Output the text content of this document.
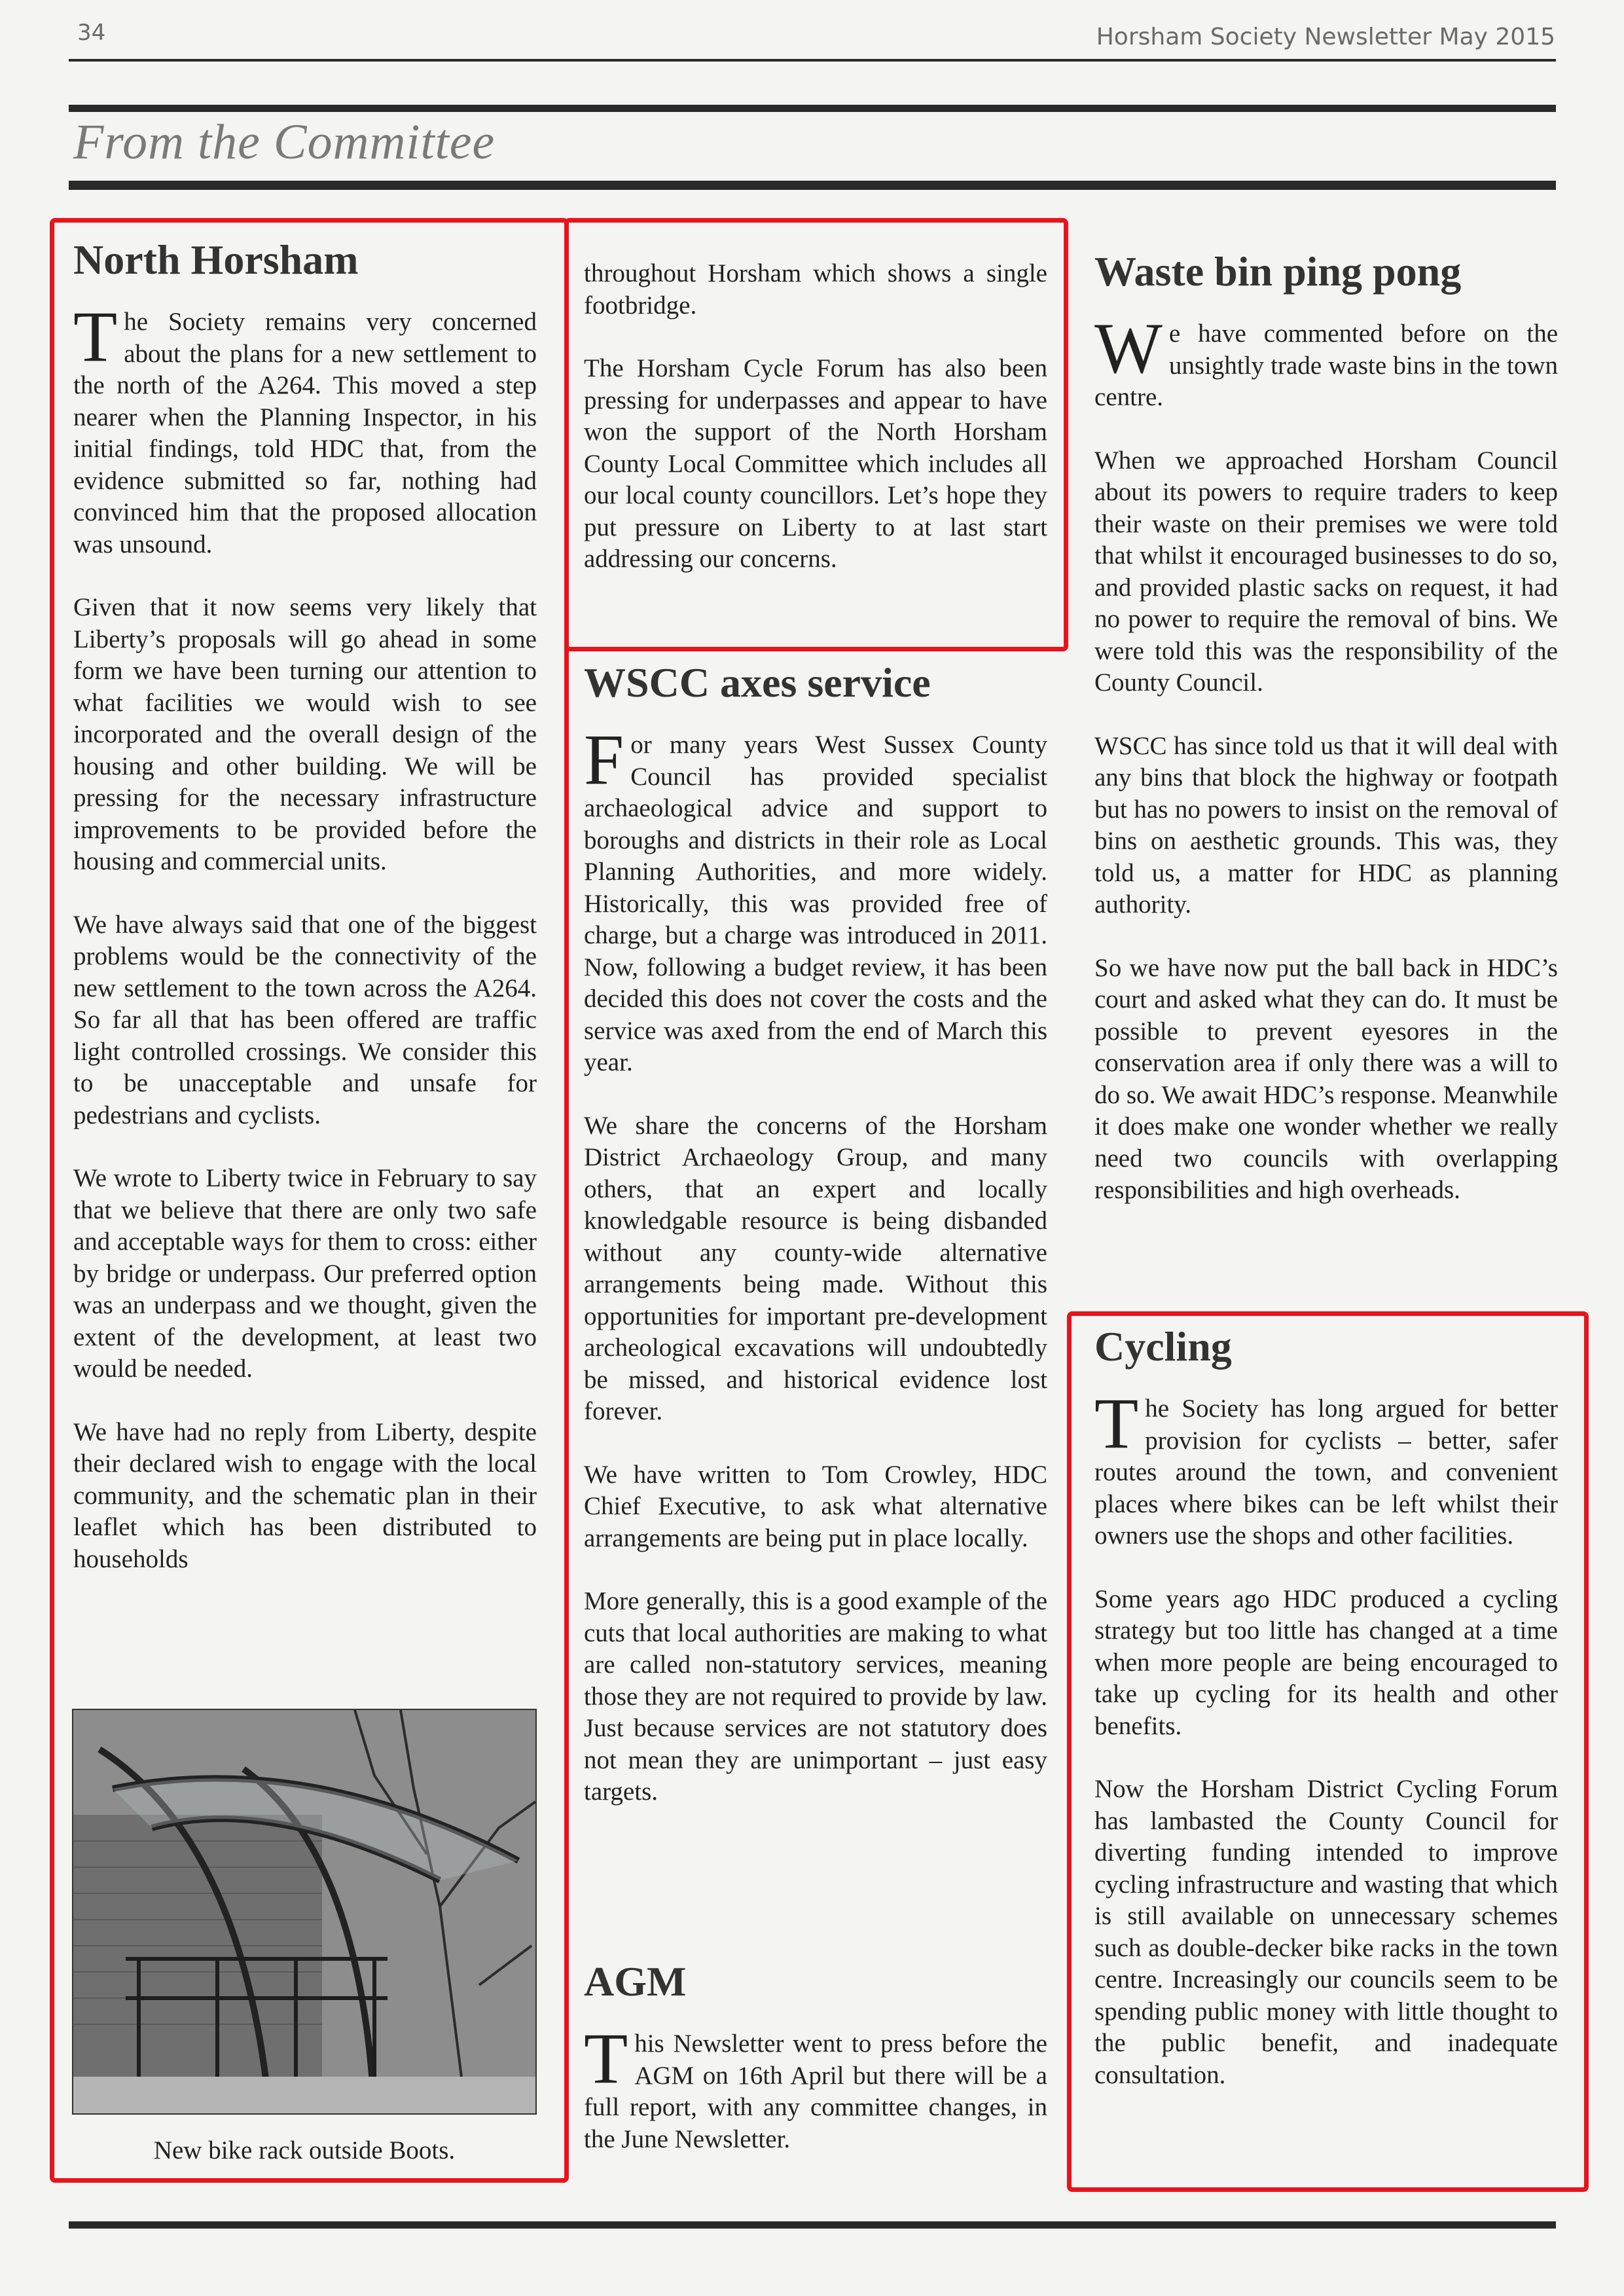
34	Horsham Society Newsletter May 2015
From the Committee
North Horsham

The Society remains very concerned about the plans for a new settlement to the north of the A264. This moved a step nearer when the Planning Inspector, in his initial findings, told HDC that, from the evidence submitted so far, nothing had convinced him that the proposed allocation was unsound.

Given that it now seems very likely that Liberty’s proposals will go ahead in some form we have been turning our attention to what facilities we would wish to see incorporated and the overall design of the housing and other building. We will be pressing for the necessary infrastructure improvements to be provided before the housing and commercial units.

We have always said that one of the biggest problems would be the connectivity of the new settlement to the town across the A264. So far all that has been offered are traffic light controlled crossings. We consider this to be unacceptable and unsafe for pedestrians and cyclists.

We wrote to Liberty twice in February to say that we believe that there are only two safe and acceptable ways for them to cross: either by bridge or underpass. Our preferred option was an underpass and we thought, given the extent of the development, at least two would be needed.

We have had no reply from Liberty, despite their declared wish to engage with the local community, and the schematic plan in their leaflet which has been distributed to households

New bike rack outside Boots.

throughout Horsham which shows a single footbridge.

The Horsham Cycle Forum has also been pressing for underpasses and appear to have won the support of the North Horsham County Local Committee which includes all our local county councillors. Let’s hope they put pressure on Liberty to at last start addressing our concerns.

WSCC axes service

For many years West Sussex County Council has provided specialist archaeological advice and support to boroughs and districts in their role as Local Planning Authorities, and more widely. Historically, this was provided free of charge, but a charge was introduced in 2011. Now, following a budget review, it has been decided this does not cover the costs and the service was axed from the end of March this year.

We share the concerns of the Horsham District Archaeology Group, and many others, that an expert and locally knowledgable resource is being disbanded without any county-wide alternative arrangements being made. Without this opportunities for important pre-development archeological excavations will undoubtedly be missed, and historical evidence lost forever.

We have written to Tom Crowley, HDC Chief Executive, to ask what alternative arrangements are being put in place locally.

More generally, this is a good example of the cuts that local authorities are making to what are called non-statutory services, meaning those they are not required to provide by law. Just because services are not statutory does not mean they are unimportant – just easy targets.

AGM

This Newsletter went to press before the AGM on 16th April but there will be a full report, with any committee changes, in the June Newsletter.

Waste bin ping pong

We have commented before on the unsightly trade waste bins in the town centre.

When we approached Horsham Council about its powers to require traders to keep their waste on their premises we were told that whilst it encouraged businesses to do so, and provided plastic sacks on request, it had no power to require the removal of bins. We were told this was the responsibility of the County Council.

WSCC has since told us that it will deal with any bins that block the highway or footpath but has no powers to insist on the removal of bins on aesthetic grounds. This was, they told us, a matter for HDC as planning authority.

So we have now put the ball back in HDC’s court and asked what they can do. It must be possible to prevent eyesores in the conservation area if only there was a will to do so. We await HDC’s response. Meanwhile it does make one wonder whether we really need two councils with overlapping responsibilities and high overheads.

Cycling

The Society has long argued for better provision for cyclists – better, safer routes around the town, and convenient places where bikes can be left whilst their owners use the shops and other facilities.

Some years ago HDC produced a cycling strategy but too little has changed at a time when more people are being encouraged to take up cycling for its health and other benefits.

Now the Horsham District Cycling Forum has lambasted the County Council for diverting funding intended to improve cycling infrastructure and wasting that which is still available on unnecessary schemes such as double-decker bike racks in the town centre. Increasingly our councils seem to be spending public money with little thought to the public benefit, and inadequate consultation.
